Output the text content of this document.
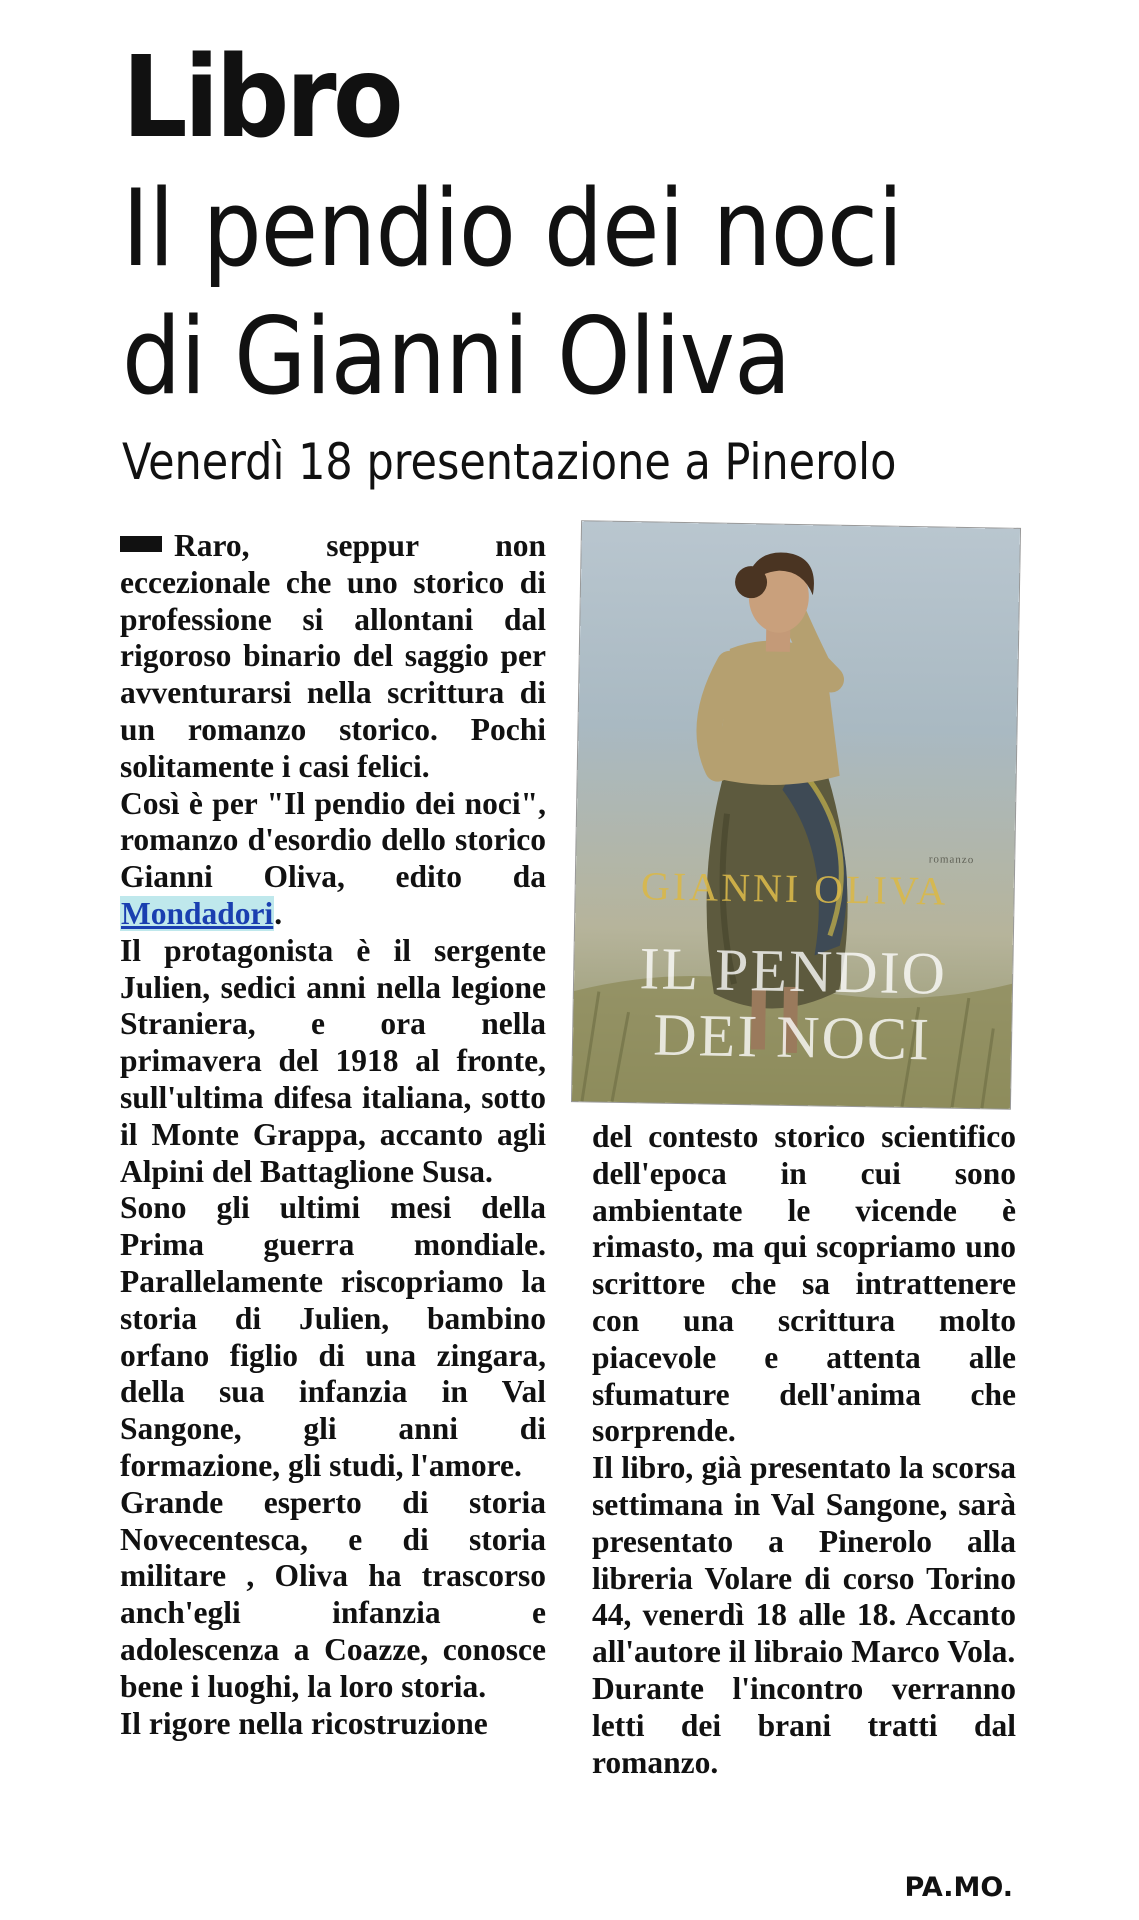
Libro
Il pendio dei noci
di Gianni Oliva
Venerdì 18 presentazione a Pinerolo
romanzo
GIANNI OLIVA
IL PENDIO
DEI NOCI

Raro, seppur non eccezionale che uno storico di professione si allontani dal rigoroso binario del saggio per avventurarsi nella scrittura di un romanzo storico. Pochi solitamente i casi felici.

Così è per "Il pendio dei noci", romanzo d'esordio dello storico Gianni Oliva, edito da Mondadori.

Il protagonista è il sergente Julien, sedici anni nella legione Straniera, e ora nella primavera del 1918 al fronte, sull'ultima difesa italiana, sotto il Monte Grappa, accanto agli Alpini del Battaglione Susa.

Sono gli ultimi mesi della Prima guerra mondiale. Parallelamente riscopriamo la storia di Julien, bambino orfano figlio di una zingara, della sua infanzia in Val Sangone, gli anni di formazione, gli studi, l'amore.

Grande esperto di storia Novecentesca, e di storia militare , Oliva ha trascorso anch'egli infanzia e adolescenza a Coazze, conosce bene i luoghi, la loro storia.

Il rigore nella ricostruzione

del contesto storico scientifico dell'epoca in cui sono ambientate le vicende è rimasto, ma qui scopriamo uno scrittore che sa intrattenere con una scrittura molto piacevole e attenta alle sfumature dell'anima che sorprende.

Il libro, già presentato la scorsa settimana in Val Sangone, sarà presentato a Pinerolo alla libreria Volare di corso Torino 44, venerdì 18 alle 18. Accanto all'autore il libraio Marco Vola.

Durante l'incontro verranno letti dei brani tratti dal romanzo.

PA.MO.
